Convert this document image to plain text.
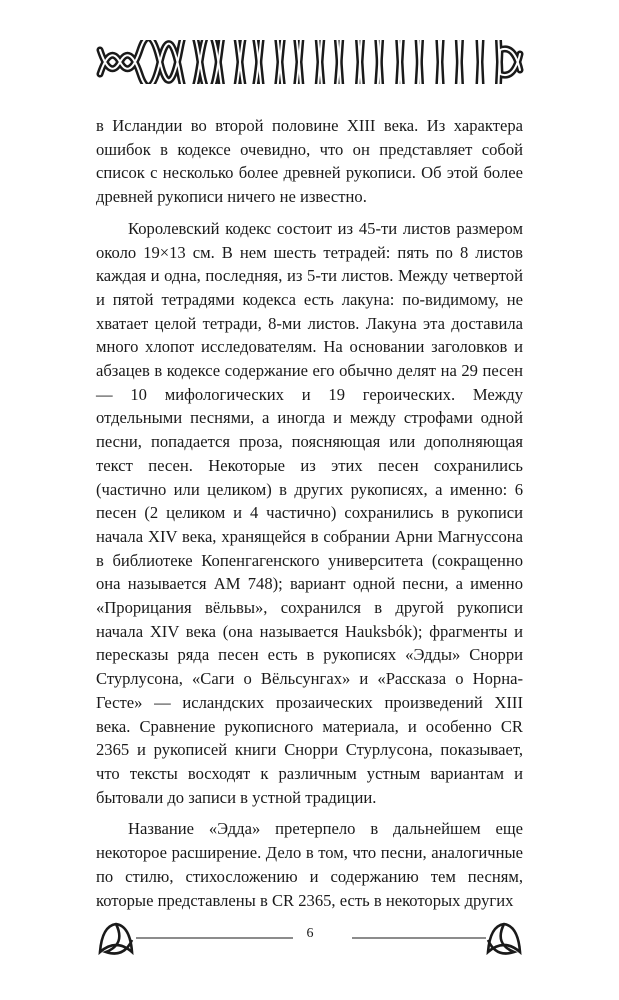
в Исландии во второй половине XIII века. Из характера ошибок в кодексе очевидно, что он представляет собой список с несколько более древней рукописи. Об этой более древней рукописи ничего не известно.

Королевский кодекс состоит из 45-ти листов размером около 19×13 см. В нем шесть тетрадей: пять по 8 листов каждая и одна, последняя, из 5-ти листов. Между четвертой и пятой тетрадями кодекса есть лакуна: по-видимому, не хватает целой тетради, 8-ми листов. Лакуна эта доставила много хлопот исследователям. На основании заголовков и абзацев в кодексе содержание его обычно делят на 29 песен — 10 мифологических и 19 героических. Между отдельными песнями, а иногда и между строфами одной песни, попадается проза, поясняющая или дополняющая текст песен. Некоторые из этих песен сохранились (частично или целиком) в других рукописях, а именно: 6 песен (2 целиком и 4 частично) сохранились в рукописи начала XIV века, хранящейся в собрании Арни Магнуссона в библиотеке Копенгагенского университета (сокращенно она называется AM 748); вариант одной песни, а именно «Прорицания вёльвы», сохранился в другой рукописи начала XIV века (она называется Hauksbók); фрагменты и пересказы ряда песен есть в рукописях «Эдды» Снорри Стурлусона, «Саги о Вёльсунгах» и «Рассказа о Норна-Гесте» — исландских прозаических произведений XIII века. Сравнение рукописного материала, и особенно CR 2365 и рукописей книги Снорри Стурлусона, показывает, что тексты восходят к различным устным вариантам и бытовали до записи в устной традиции.

Название «Эдда» претерпело в дальнейшем еще некоторое расширение. Дело в том, что песни, аналогичные по стилю, стихосложению и содержанию тем песням, которые представлены в CR 2365, есть в некоторых других

6
